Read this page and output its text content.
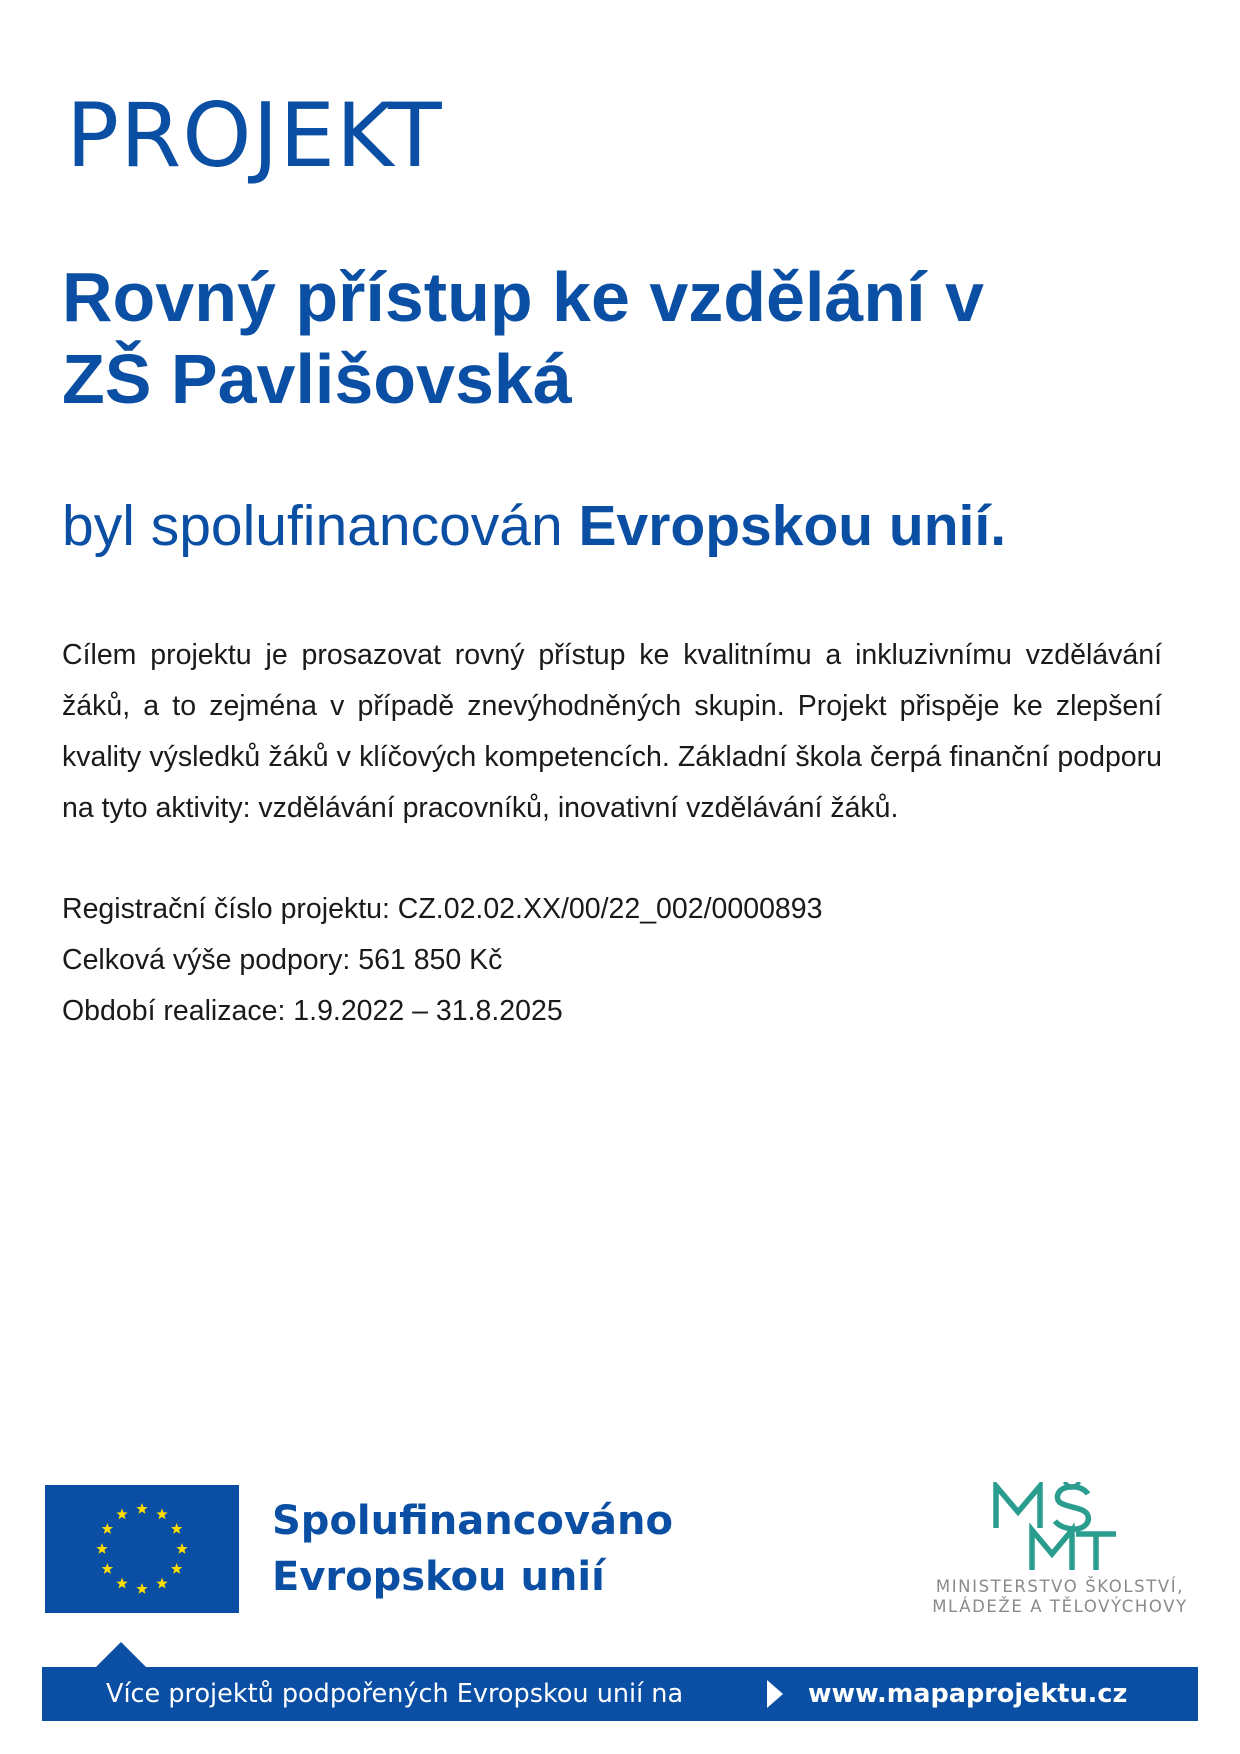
PROJEKT
Rovný přístup ke vzdělání v
ZŠ Pavlišovská
byl spolufinancován Evropskou unií.

Cílem projektu je prosazovat rovný přístup ke kvalitnímu a inkluzivnímu vzdělávání žáků, a to zejména v případě znevýhodněných skupin. Projekt přispěje ke zlepšení kvality výsledků žáků v klíčových kompetencích. Základní škola čerpá finanční podporu na tyto aktivity: vzdělávání pracovníků, inovativní vzdělávání žáků.

Registrační číslo projektu: CZ.02.02.XX/00/22_002/0000893
Celková výše podpory: 561 850 Kč
Období realizace: 1.9.2022 – 31.8.2025
Spolufinancováno
Evropskou unií	MINISTERSTVO ŠKOLSTVÍ,
MLÁDEŽE A TĚLOVÝCHOVY
Více projektů podpořených Evropskou unií na	www.mapaprojektu.cz
